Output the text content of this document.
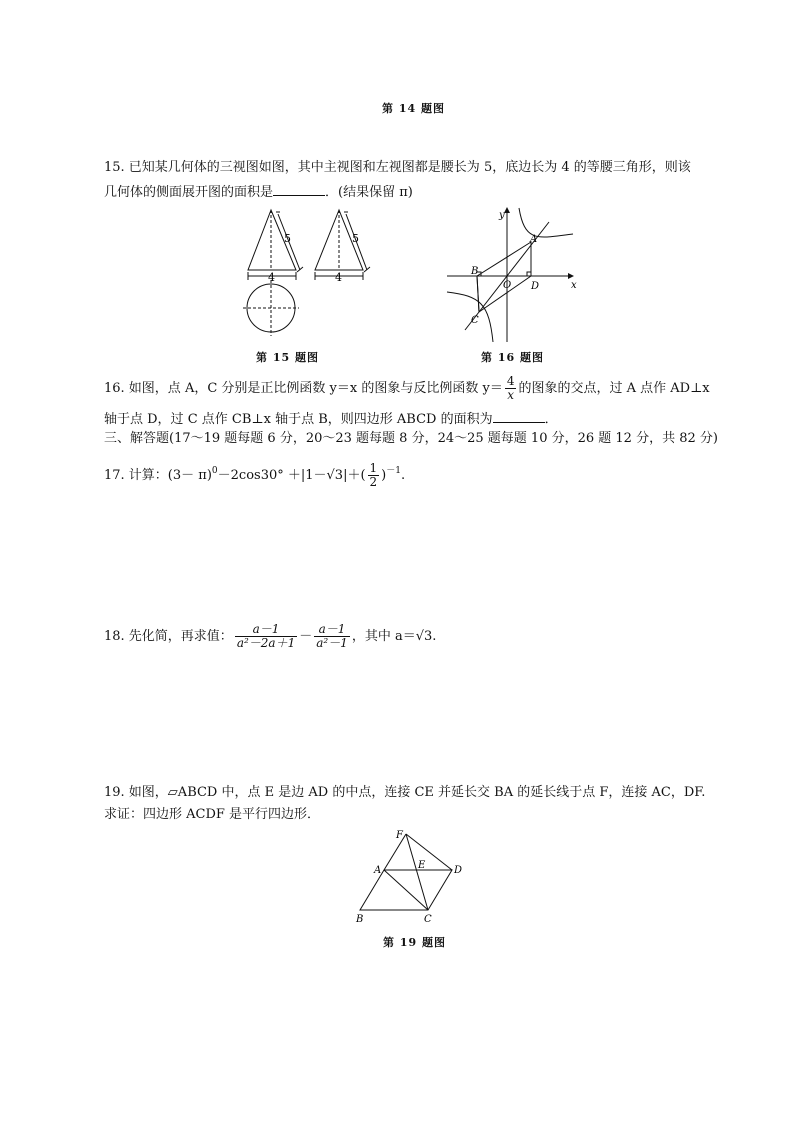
第 14 题图
15. 已知某几何体的三视图如图，其中主视图和左视图都是腰长为 5，底边长为 4 的等腰三角形，则该
几何体的侧面展开图的面积是	．(结果保留 π)
5
4
5
4
y
x
A
B
C
D
O
第 15 题图	第 16 题图
16. 如图，点 A，C 分别是正比例函数 y＝x 的图象与反比例函数 $y= \frac{4}{x}$ 的图象的交点，过 A 点作 AD⊥x
轴于点 D，过 C 点作 CB⊥x 轴于点 B，则四边形 ABCD 的面积为	．
三、解答题(17～19 题每题 6 分，20～23 题每题 8 分，24～25 题每题 10 分，26 题 12 分，共 82 分)
17. 计算：$(3- \pi)^0-2\cos 30^\circ +|1-√3|+( \frac{1}{2} )^{-1}$.
18. 先化简，再求值： $\frac{a-1}{\text{a²－2a＋1}} - \frac{a-1}{\text{a²－1}}$ ，其中 a＝√3.
19. 如图，▱ABCD 中，点 E 是边 AD 的中点，连接 CE 并延长交 BA 的延长线于点 F，连接 AC，DF.
求证：四边形 ACDF 是平行四边形．
F
A	E	D
B	C
第 19 题图
